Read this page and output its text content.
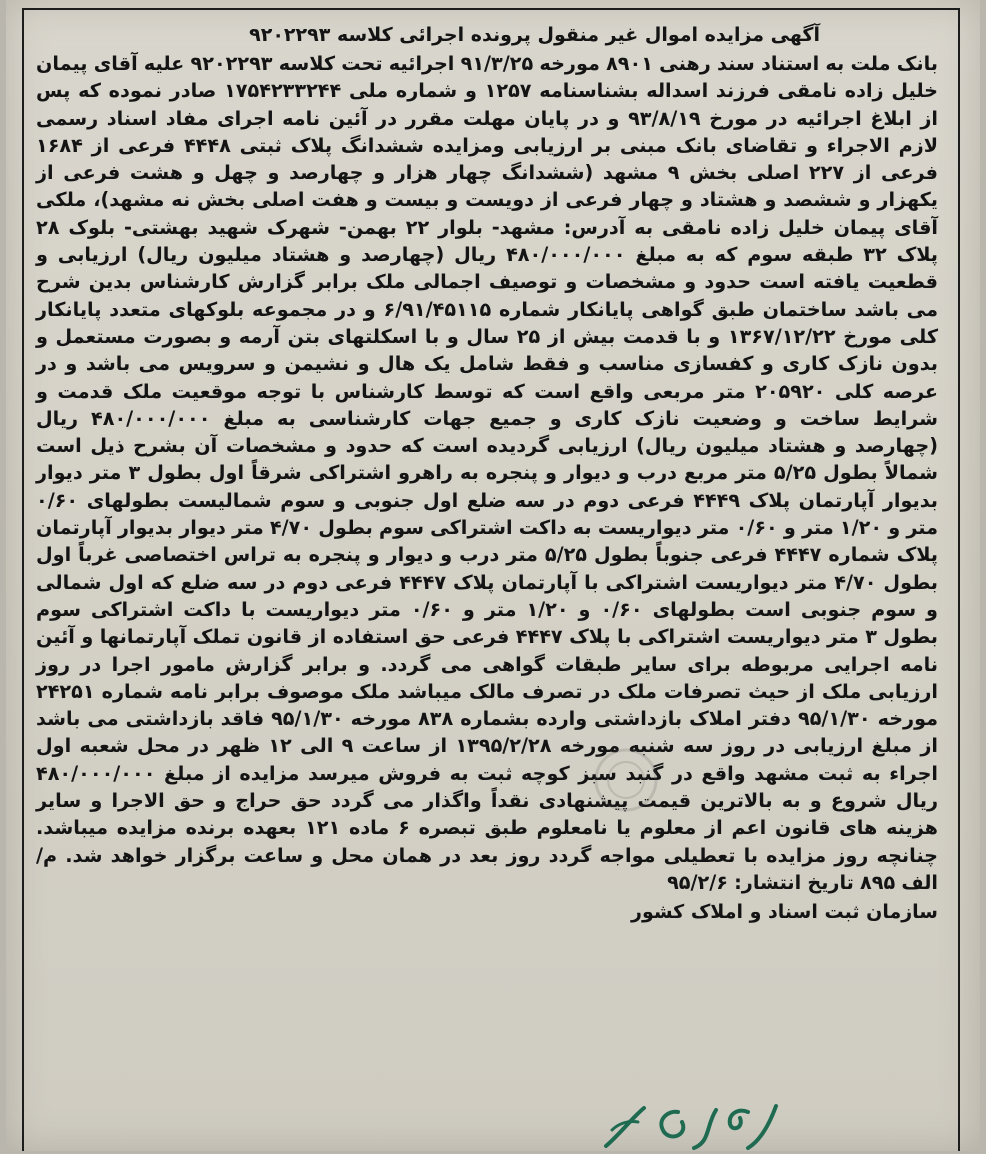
آگهی مزایده اموال غیر منقول پرونده اجرائی کلاسه ۹۲۰۲۲۹۳

بانک ملت به استناد سند رهنی ۸۹۰۱ مورخه ۹۱/۳/۲۵ اجرائیه تحت کلاسه ۹۲۰۲۲۹۳ علیه آقای پیمان خلیل زاده نامقی فرزند اسداله بشناسنامه ۱۲۵۷ و شماره ملی ۱۷۵۴۲۳۳۲۴۴ صادر نموده که پس از ابلاغ اجرائیه در مورخ ۹۳/۸/۱۹ و در پایان مهلت مقرر در آئین نامه اجرای مفاد اسناد رسمی لازم الاجراء و تقاضای بانک مبنی بر ارزیابی ومزایده ششدانگ پلاک ثبتی ۴۴۴۸ فرعی از ۱۶۸۴ فرعی از ۲۲۷ اصلی بخش ۹ مشهد (ششدانگ چهار هزار و چهارصد و چهل و هشت فرعی از یکهزار و ششصد و هشتاد و چهار فرعی از دویست و بیست و هفت اصلی بخش نه مشهد)، ملکی آقای پیمان خلیل زاده نامقی به آدرس: مشهد- بلوار ۲۲ بهمن- شهرک شهید بهشتی- بلوک ۲۸ پلاک ۳۲ طبقه سوم که به مبلغ ۴۸۰/۰۰۰/۰۰۰ ریال (چهارصد و هشتاد میلیون ریال) ارزیابی و قطعیت یافته است حدود و مشخصات و توصیف اجمالی ملک برابر گزارش کارشناس بدین شرح می باشد ساختمان طبق گواهی پایانکار شماره ۶/۹۱/۴۵۱۱۵ و در مجموعه بلوکهای متعدد پایانکار کلی مورخ ۱۳۶۷/۱۲/۲۲ و با قدمت بیش از ۲۵ سال و با اسکلتهای بتن آرمه و بصورت مستعمل و بدون نازک کاری و کفسازی مناسب و فقط شامل یک هال و نشیمن و سرویس می باشد و در عرصه کلی ۲۰۵۹۲۰ متر مربعی واقع است که توسط کارشناس با توجه موقعیت ملک قدمت و شرایط ساخت و وضعیت نازک کاری و جمیع جهات کارشناسی به مبلغ ۴۸۰/۰۰۰/۰۰۰ ریال (چهارصد و هشتاد میلیون ریال) ارزیابی گردیده است که حدود و مشخصات آن بشرح ذیل است شمالاً بطول ۵/۲۵ متر مربع درب و دیوار و پنجره به راهرو اشتراکی شرقاً اول بطول ۳ متر دیوار بدیوار آپارتمان پلاک ۴۴۴۹ فرعی دوم در سه ضلع اول جنوبی و سوم شمالیست بطولهای ۰/۶۰ متر و ۱/۲۰ متر و ۰/۶۰ متر دیواریست به داکت اشتراکی سوم بطول ۴/۷۰ متر دیوار بدیوار آپارتمان پلاک شماره ۴۴۴۷ فرعی جنوباً بطول ۵/۲۵ متر درب و دیوار و پنجره به تراس اختصاصی غرباً اول بطول ۴/۷۰ متر دیواریست اشتراکی با آپارتمان پلاک ۴۴۴۷ فرعی دوم در سه ضلع که اول شمالی و سوم جنوبی است بطولهای ۰/۶۰ و ۱/۲۰ متر و ۰/۶۰ متر دیواریست با داکت اشتراکی سوم بطول ۳ متر دیواریست اشتراکی با پلاک ۴۴۴۷ فرعی حق استفاده از قانون تملک آپارتمانها و آئین نامه اجرایی مربوطه برای سایر طبقات گواهی می گردد. و برابر گزارش مامور اجرا در روز ارزیابی ملک از حیث تصرفات ملک در تصرف مالک میباشد ملک موصوف برابر نامه شماره ۲۴۲۵۱ مورخه ۹۵/۱/۳۰ دفتر املاک بازداشتی وارده بشماره ۸۳۸ مورخه ۹۵/۱/۳۰ فاقد بازداشتی می باشد از مبلغ ارزیابی در روز سه شنبه مورخه ۱۳۹۵/۲/۲۸ از ساعت ۹ الی ۱۲ ظهر در محل شعبه اول اجراء به ثبت مشهد واقع در گنبد سبز کوچه ثبت به فروش میرسد مزایده از مبلغ ۴۸۰/۰۰۰/۰۰۰ ریال شروع و به بالاترین قیمت پیشنهادی نقداً واگذار می گردد حق حراج و حق الاجرا و سایر هزینه های قانون اعم از معلوم یا نامعلوم طبق تبصره ۶ ماده ۱۲۱ بعهده برنده مزایده میباشد. چنانچه روز مزایده با تعطیلی مواجه گردد روز بعد در همان محل و ساعت برگزار خواهد شد. م/الف ۸۹۵ تاریخ انتشار: ۹۵/۲/۶

سازمان ثبت اسناد و املاک کشور
